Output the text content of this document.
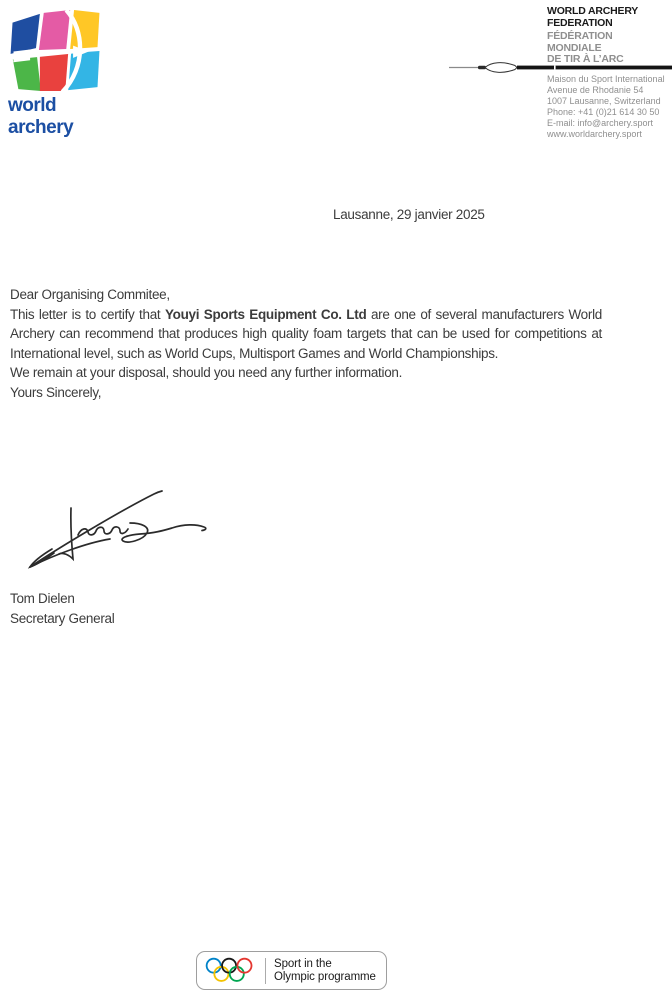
world archery
WORLD ARCHERY
FEDERATION
FÉDÉRATION
MONDIALE
DE TIR À L’ARC
Maison du Sport International
Avenue de Rhodanie 54
1007 Lausanne, Switzerland
Phone: +41 (0)21 614 30 50
E-mail: info@archery.sport
www.worldarchery.sport
Lausanne, 29 janvier 2025

Dear Organising Commitee,

This letter is to certify that Youyi Sports Equipment Co. Ltd are one of several manufacturers World Archery can recommend that produces high quality foam targets that can be used for competitions at International level, such as World Cups, Multisport Games and World Championships.

We remain at your disposal, should you need any further information.

Yours Sincerely,

Tom Dielen
Secretary General
Sport in the
Olympic programme
